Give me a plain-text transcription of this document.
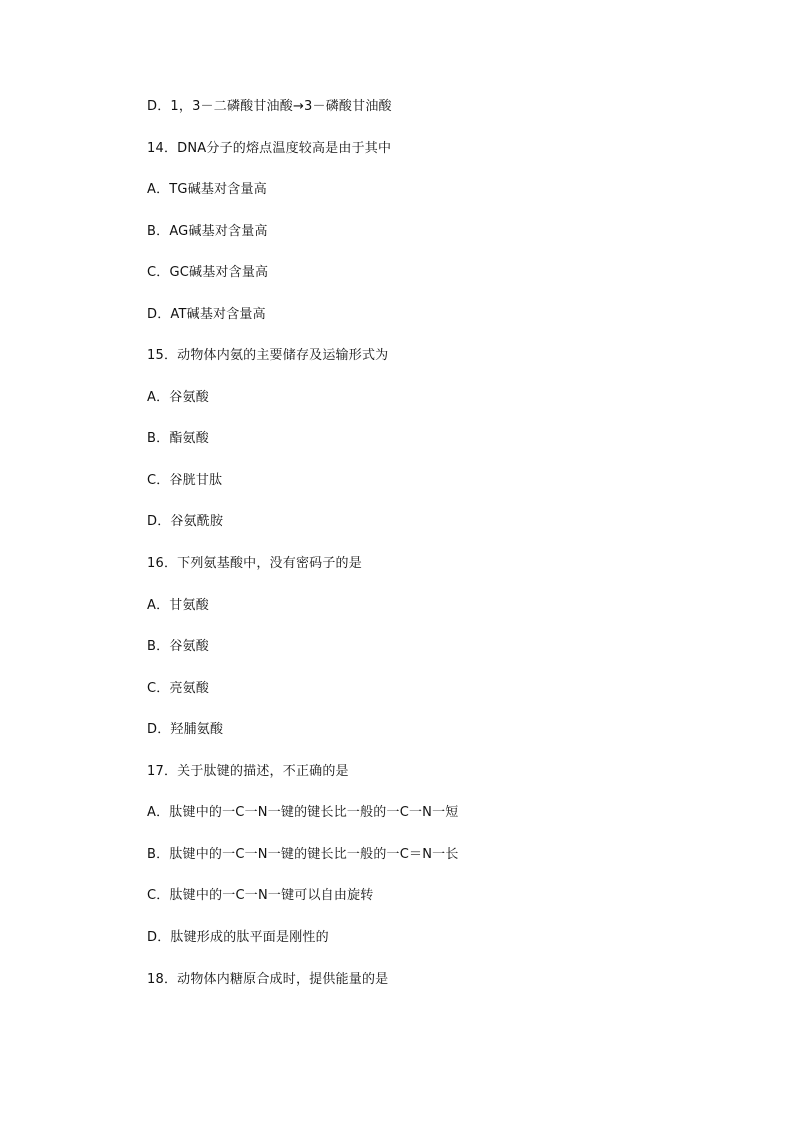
D．1，3－二磷酸甘油酸→3－磷酸甘油酸
14．DNA分子的熔点温度较高是由于其中
A．TG碱基对含量高
B．AG碱基对含量高
C．GC碱基对含量高
D．AT碱基对含量高
15．动物体内氨的主要储存及运输形式为
A．谷氨酸
B．酯氨酸
C．谷胱甘肽
D．谷氨酰胺
16．下列氨基酸中，没有密码子的是
A．甘氨酸
B．谷氨酸
C．亮氨酸
D．羟脯氨酸
17．关于肽键的描述，不正确的是
A．肽键中的一C一N一键的键长比一般的一C一N一短
B．肽键中的一C一N一键的键长比一般的一C＝N一长
C．肽键中的一C一N一键可以自由旋转
D．肽键形成的肽平面是刚性的
18．动物体内糖原合成时，提供能量的是
